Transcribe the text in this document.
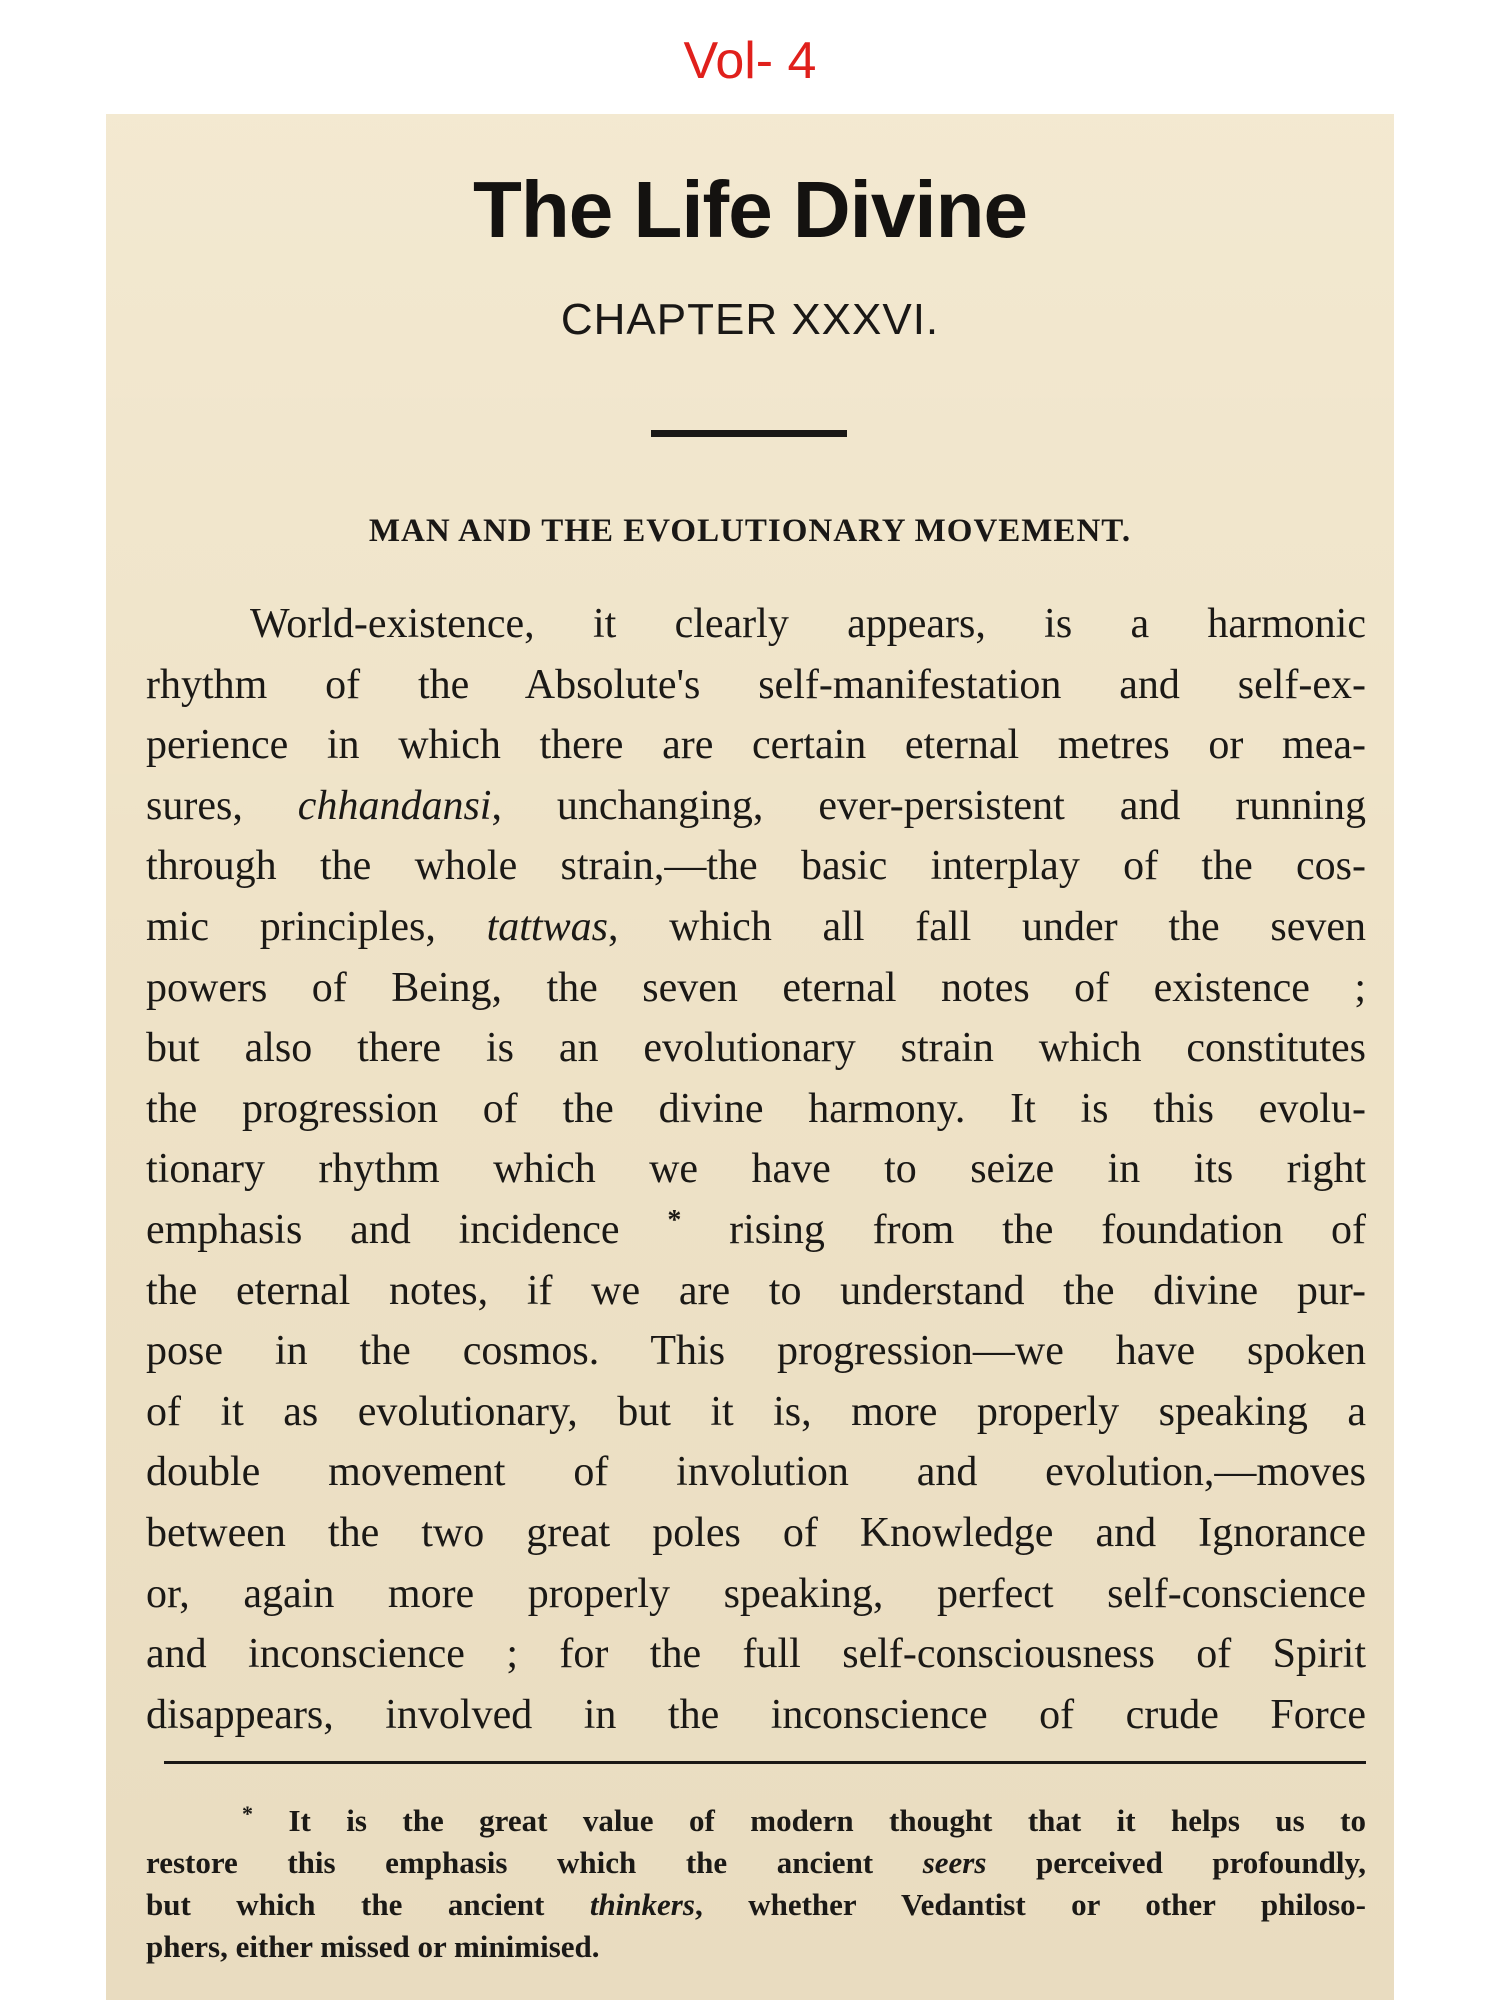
Vol- 4
The Life Divine
CHAPTER XXXVI.
MAN AND THE EVOLUTIONARY MOVEMENT.
World-existence, it clearly appears, is a harmonic
rhythm of the Absolute's self-manifestation and self-ex-
perience in which there are certain eternal metres or mea-
sures, chhandansi, unchanging, ever-persistent and running
through the whole strain,—the basic interplay of the cos-
mic principles, tattwas, which all fall under the seven
powers of Being, the seven eternal notes of existence ;
but also there is an evolutionary strain which constitutes
the progression of the divine harmony. It is this evolu-
tionary rhythm which we have to seize in its right
emphasis and incidence * rising from the foundation of
the eternal notes, if we are to understand the divine pur-
pose in the cosmos. This progression—we have spoken
of it as evolutionary, but it is, more properly speaking a
double movement of involution and evolution,—moves
between the two great poles of Knowledge and Ignorance
or, again more properly speaking, perfect self-conscience
and inconscience ; for the full self-consciousness of Spirit
disappears, involved in the inconscience of crude Force
* It is the great value of modern thought that it helps us to
restore this emphasis which the ancient seers perceived profoundly,
but which the ancient thinkers, whether Vedantist or other philoso-
phers, either missed or minimised.
